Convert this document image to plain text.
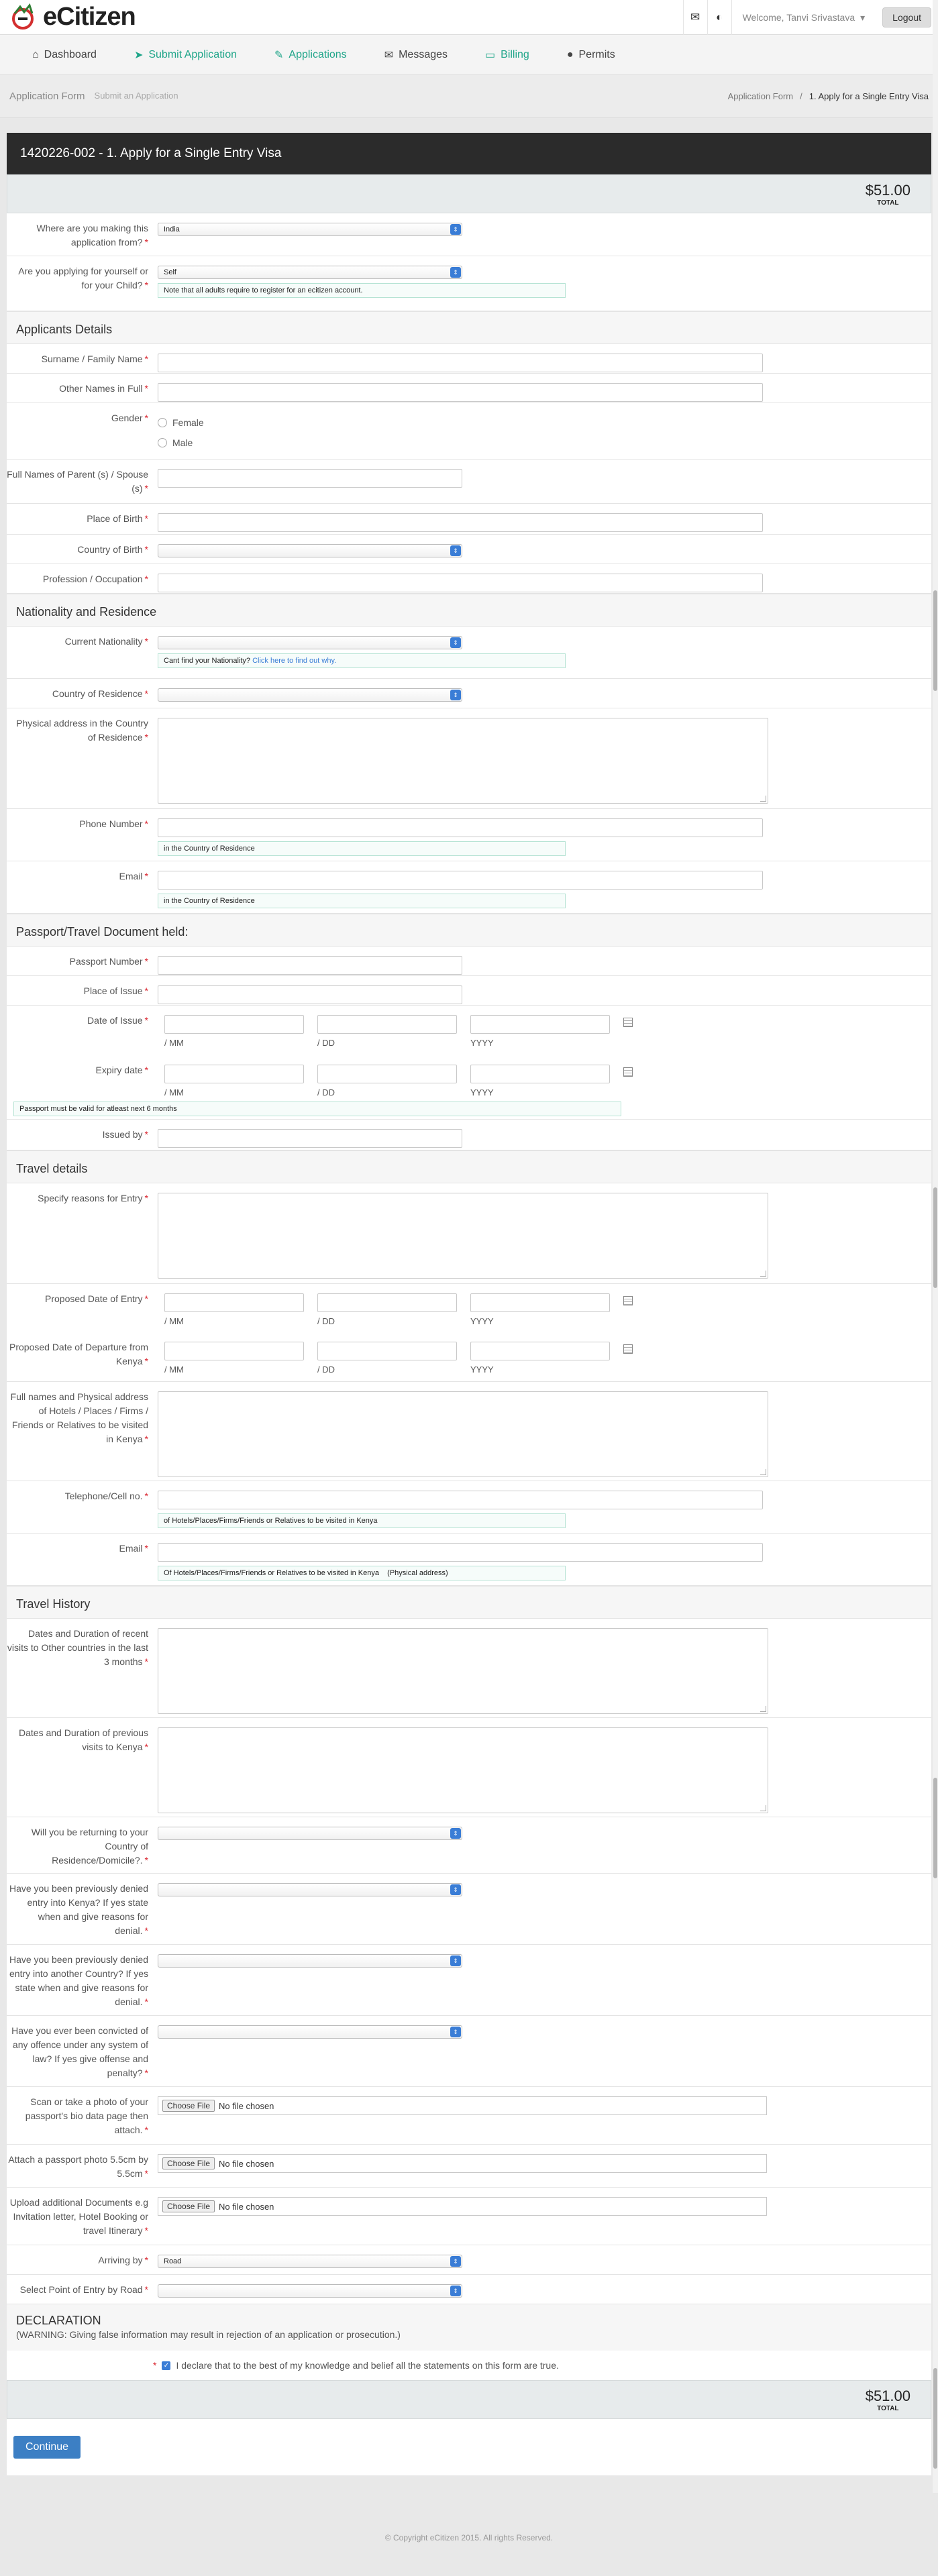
eCitizen	✉	◐	Welcome, Tanvi Srivastava ▾	Logout
⌂ Dashboard	➤ Submit Application	✎ Applications	✉ Messages	▭ Billing	● Permits
Application Form Submit an Application	Application Form / 1. Apply for a Single Entry Visa
1420226-002 - 1. Apply for a Single Entry Visa
$51.00
TOTAL
Where are you making this application from? *
India	⇕
Are you applying for yourself or for your Child? *
Self	⇕
Note that all adults require to register for an ecitizen account.
Applicants Details
Surname / Family Name *
Other Names in Full *
Gender *	Female
Male
Full Names of Parent (s) / Spouse (s) *
Place of Birth *
Country of Birth *	⇕
Profession / Occupation *
Nationality and Residence
Current Nationality *	⇕
Cant find your Nationality? Click here to find out why.
Country of Residence *	⇕
Physical address in the Country of Residence *
Phone Number *
in the Country of Residence
Email *
in the Country of Residence
Passport/Travel Document held:
Passport Number *
Place of Issue *
Date of Issue *
/ MM	/ DD	YYYY
Expiry date *
/ MM	/ DD	YYYY
Passport must be valid for atleast next 6 months
Issued by *
Travel details
Specify reasons for Entry *
Proposed Date of Entry *
/ MM	/ DD	YYYY
Proposed Date of Departure from Kenya *
/ MM	/ DD	YYYY
Full names and Physical address of Hotels / Places / Firms / Friends or Relatives to be visited in Kenya *
Telephone/Cell no. *
of Hotels/Places/Firms/Friends or Relatives to be visited in Kenya
Email *
Of Hotels/Places/Firms/Friends or Relatives to be visited in Kenya    (Physical address)
Travel History
Dates and Duration of recent visits to Other countries in the last 3 months *
Dates and Duration of previous visits to Kenya *
Will you be returning to your Country of Residence/Domicile?. *
⇕
Have you been previously denied entry into Kenya? If yes state when and give reasons for denial. *
⇕
Have you been previously denied entry into another Country? If yes state when and give reasons for denial. *
⇕
Have you ever been convicted of any offence under any system of law? If yes give offense and penalty? *
⇕
Scan or take a photo of your passport's bio data page then attach. *
Choose File	No file chosen
Attach a passport photo 5.5cm by 5.5cm *
Choose File	No file chosen
Upload additional Documents e.g Invitation letter, Hotel Booking or travel Itinerary *
Choose File	No file chosen
Arriving by *	Road	⇕
Select Point of Entry by Road *	⇕
DECLARATION
(WARNING: Giving false information may result in rejection of an application or prosecution.)
* ✓ I declare that to the best of my knowledge and belief all the statements on this form are true.
$51.00
TOTAL
Continue
© Copyright eCitizen 2015. All rights Reserved.
